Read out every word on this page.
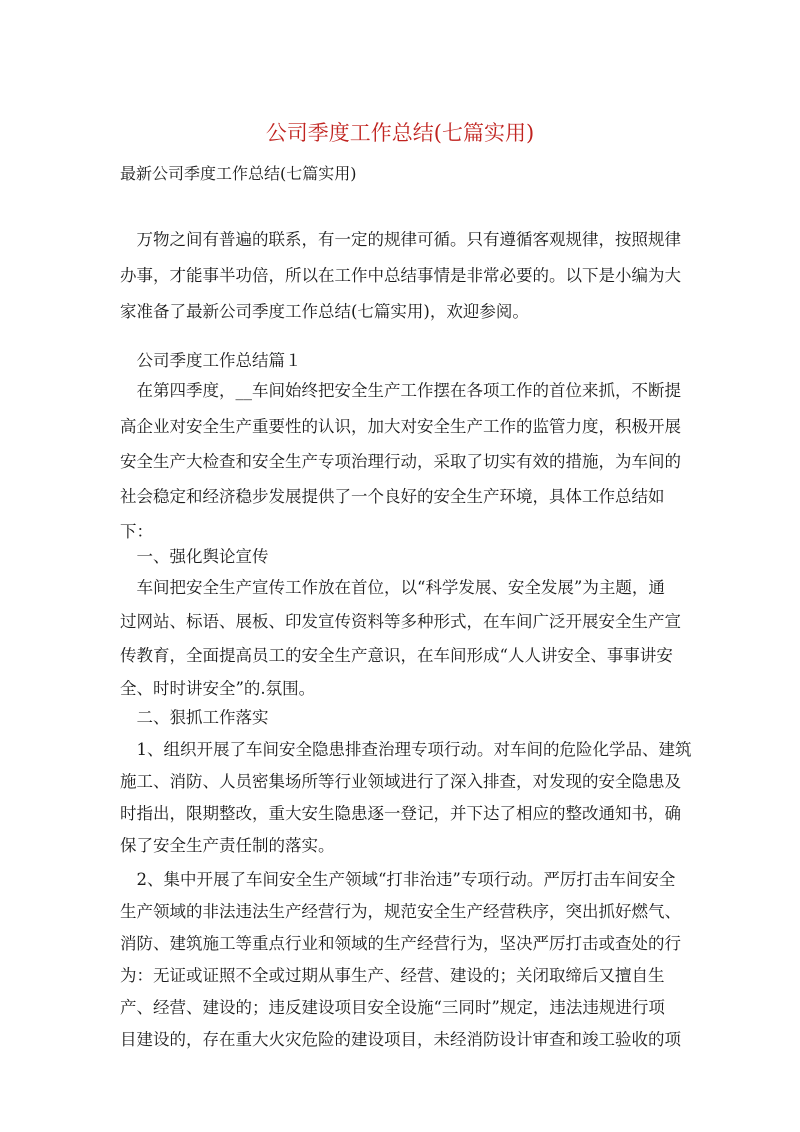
公司季度工作总结(七篇实用)
最新公司季度工作总结(七篇实用)
　万物之间有普遍的联系，有一定的规律可循。只有遵循客观规律，按照规律
办事，才能事半功倍，所以在工作中总结事情是非常必要的。以下是小编为大
家准备了最新公司季度工作总结(七篇实用)，欢迎参阅。
　公司季度工作总结篇１
　在第四季度，__车间始终把安全生产工作摆在各项工作的首位来抓，不断提
高企业对安全生产重要性的认识，加大对安全生产工作的监管力度，积极开展
安全生产大检查和安全生产专项治理行动，采取了切实有效的措施，为车间的
社会稳定和经济稳步发展提供了一个良好的安全生产环境，具体工作总结如
下：
　一、强化舆论宣传
　车间把安全生产宣传工作放在首位，以“科学发展、安全发展”为主题，通
过网站、标语、展板、印发宣传资料等多种形式，在车间广泛开展安全生产宣
传教育，全面提高员工的安全生产意识，在车间形成“人人讲安全、事事讲安
全、时时讲安全”的.氛围。
　二、狠抓工作落实
　1、组织开展了车间安全隐患排查治理专项行动。对车间的危险化学品、建筑
施工、消防、人员密集场所等行业领域进行了深入排查，对发现的安全隐患及
时指出，限期整改，重大安生隐患逐一登记，并下达了相应的整改通知书，确
保了安全生产责任制的落实。
　2、集中开展了车间安全生产领域“打非治违”专项行动。严厉打击车间安全
生产领域的非法违法生产经营行为，规范安全生产经营秩序，突出抓好燃气、
消防、建筑施工等重点行业和领域的生产经营行为，坚决严厉打击或查处的行
为：无证或证照不全或过期从事生产、经营、建设的；关闭取缔后又擅自生
产、经营、建设的；违反建设项目安全设施“三同时”规定，违法违规进行项
目建设的，存在重大火灾危险的建设项目，未经消防设计审查和竣工验收的项
